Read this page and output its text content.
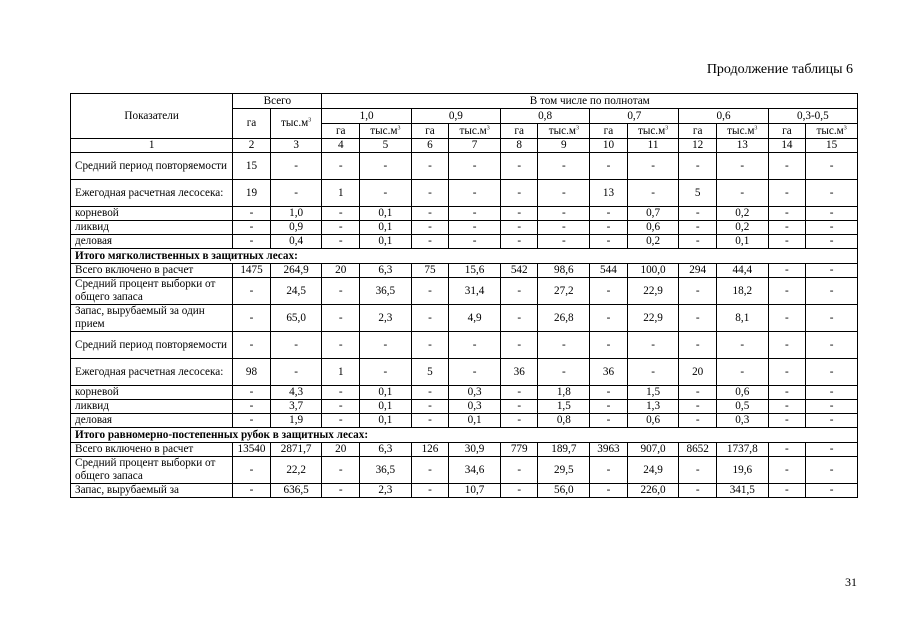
Продолжение таблицы 6
Показатели	Всего		В том числе по полнотам											
	га	$тыс.м^3$	1,0		0,9		0,8		0,7		0,6		0,3-0,5	
			га	$тыс.м^3$	га	$тыс.м^3$	га	$тыс.м^3$	га	$тыс.м^3$	га	$тыс.м^3$	га	$тыс.м^3$
1	2	3	4	5	6	7	8	9	10	11	12	13	14	15
Средний период повторяемости	15	-	-	-	-	-	-	-	-	-	-	-	-	-
Ежегодная расчетная лесосека:	19	-	1	-	-	-	-	-	13	-	5	-	-	-
корневой	-	1,0	-	0,1	-	-	-	-	-	0,7	-	0,2	-	-
ликвид	-	0,9	-	0,1	-	-	-	-	-	0,6	-	0,2	-	-
деловая	-	0,4	-	0,1	-	-	-	-	-	0,2	-	0,1	-	-
Итого мягколиственных в защитных лесах:														
Всего включено в расчет	1475	264,9	20	6,3	75	15,6	542	98,6	544	100,0	294	44,4	-	-
Средний процент выборки от общего запаса	-	24,5	-	36,5	-	31,4	-	27,2	-	22,9	-	18,2	-	-
Запас, вырубаемый за один прием	-	65,0	-	2,3	-	4,9	-	26,8	-	22,9	-	8,1	-	-
Средний период повторяемости	-	-	-	-	-	-	-	-	-	-	-	-	-	-
Ежегодная расчетная лесосека:	98	-	1	-	5	-	36	-	36	-	20	-	-	-
корневой	-	4,3	-	0,1	-	0,3	-	1,8	-	1,5	-	0,6	-	-
ликвид	-	3,7	-	0,1	-	0,3	-	1,5	-	1,3	-	0,5	-	-
деловая	-	1,9	-	0,1	-	0,1	-	0,8	-	0,6	-	0,3	-	-
Итого равномерно-постепенных рубок в защитных лесах:														
Всего включено в расчет	13540	2871,7	20	6,3	126	30,9	779	189,7	3963	907,0	8652	1737,8	-	-
Средний процент выборки от общего запаса	-	22,2	-	36,5	-	34,6	-	29,5	-	24,9	-	19,6	-	-
Запас, вырубаемый за	-	636,5	-	2,3	-	10,7	-	56,0	-	226,0	-	341,5	-	-
31
